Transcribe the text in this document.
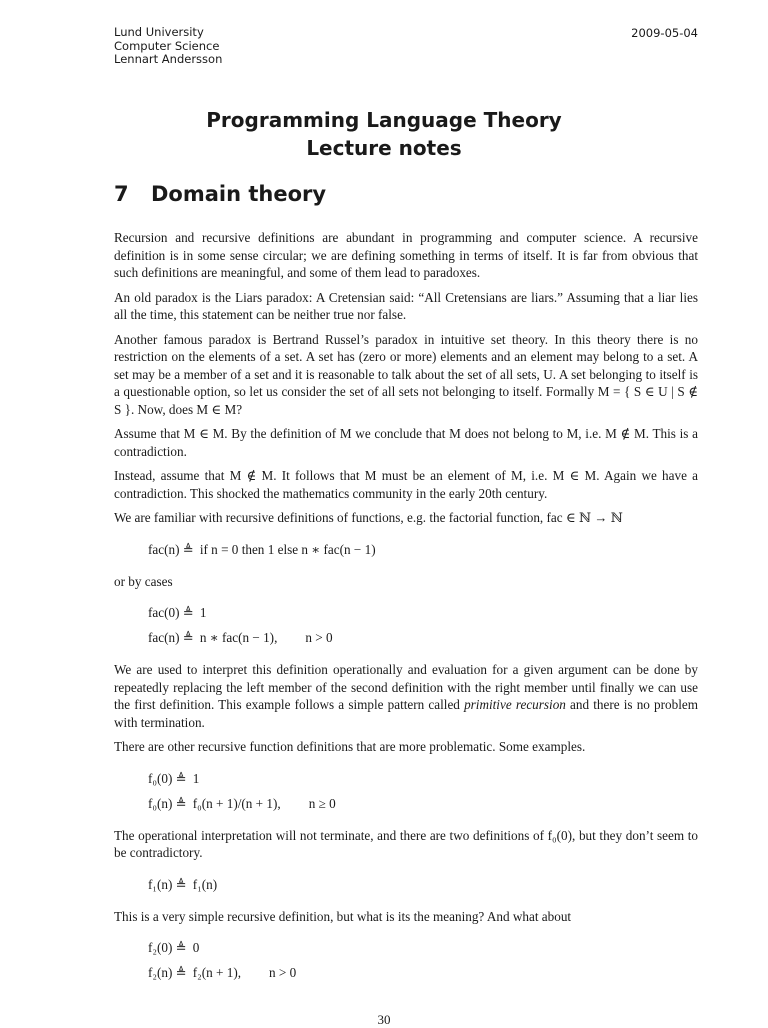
Lund University
Computer Science
Lennart Andersson
2009-05-04
Programming Language Theory
Lecture notes
7 Domain theory

Recursion and recursive definitions are abundant in programming and computer science. A recursive definition is in some sense circular; we are defining something in terms of itself. It is far from obvious that such definitions are meaningful, and some of them lead to paradoxes.

An old paradox is the Liars paradox: A Cretensian said: “All Cretensians are liars.” Assuming that a liar lies all the time, this statement can be neither true nor false.

Another famous paradox is Bertrand Russel’s paradox in intuitive set theory. In this theory there is no restriction on the elements of a set. A set has (zero or more) elements and an element may belong to a set. A set may be a member of a set and it is reasonable to talk about the set of all sets, U. A set belonging to itself is a questionable option, so let us consider the set of all sets not belonging to itself. Formally M = { S ∈ U | S ∉ S }. Now, does M ∈ M?

Assume that M ∈ M. By the definition of M we conclude that M does not belong to M, i.e. M ∉ M. This is a contradiction.

Instead, assume that M ∉ M. It follows that M must be an element of M, i.e. M ∈ M. Again we have a contradiction. This shocked the mathematics community in the early 20th century.

We are familiar with recursive definitions of functions, e.g. the factorial function, fac ∈ ℕ → ℕ

fac(n) ≜ if n = 0 then 1 else n ∗ fac(n − 1)

or by cases

fac(0) ≜ 1
fac(n) ≜ n ∗ fac(n − 1), n > 0

We are used to interpret this definition operationally and evaluation for a given argument can be done by repeatedly replacing the left member of the second definition with the right member until finally we can use the first definition. This example follows a simple pattern called primitive recursion and there is no problem with termination.

There are other recursive function definitions that are more problematic. Some examples.

f₀(0) ≜ 1
f₀(n) ≜ f₀(n + 1)/(n + 1), n ≥ 0

The operational interpretation will not terminate, and there are two definitions of f₀(0), but they don’t seem to be contradictory.

f₁(n) ≜ f₁(n)

This is a very simple recursive definition, but what is its the meaning? And what about

f₂(0) ≜ 0
f₂(n) ≜ f₂(n + 1), n > 0
30
